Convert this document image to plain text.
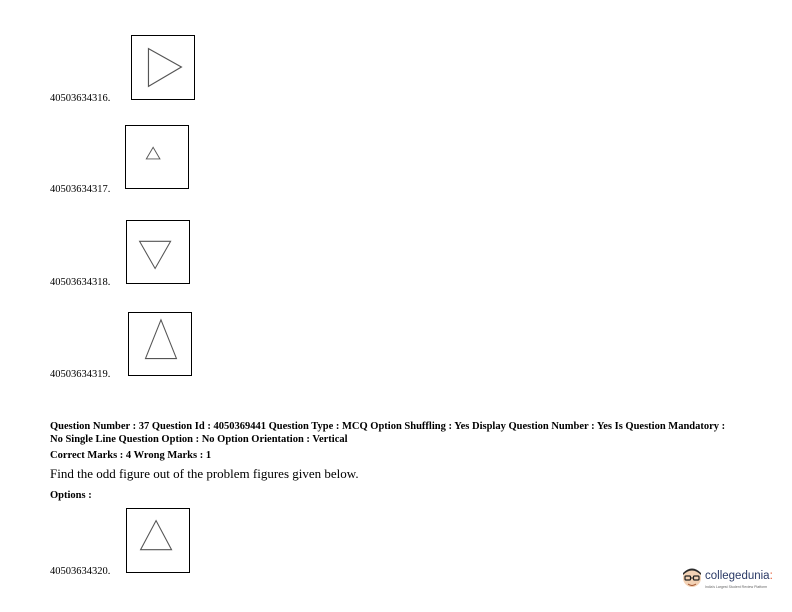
40503634316.
40503634317.
40503634318.
40503634319.
Question Number : 37 Question Id : 4050369441 Question Type : MCQ Option Shuffling : Yes Display Question Number : Yes Is Question Mandatory : No Single Line Question Option : No Option Orientation : Vertical
Correct Marks : 4 Wrong Marks : 1
Find the odd figure out of the problem figures given below.
Options :
40503634320.	collegedunia:
India's Largest Student Review Platform
